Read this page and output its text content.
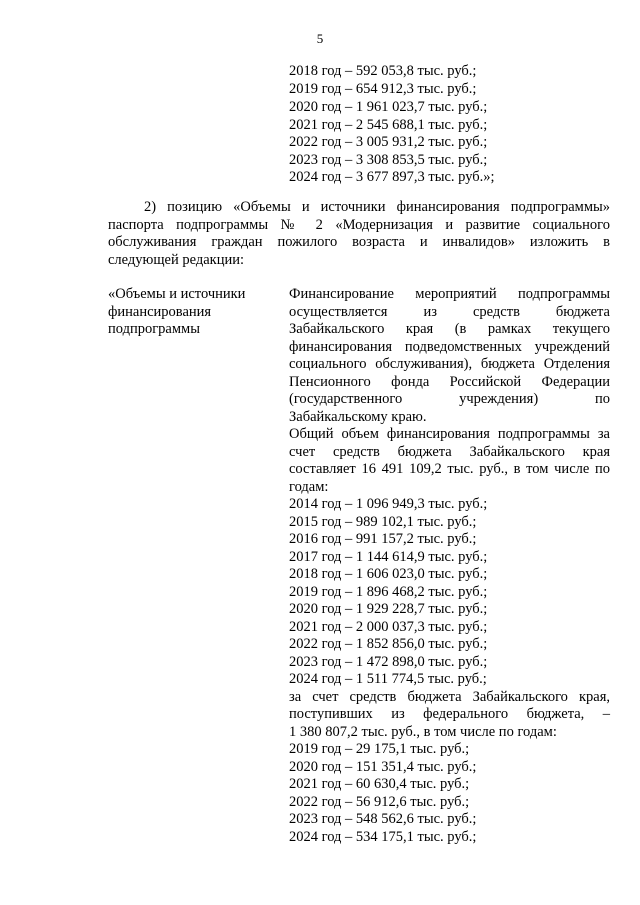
5
2018 год – 592 053,8 тыс. руб.;
2019 год – 654 912,3 тыс. руб.;
2020 год – 1 961 023,7 тыс. руб.;
2021 год – 2 545 688,1 тыс. руб.;
2022 год – 3 005 931,2 тыс. руб.;
2023 год – 3 308 853,5 тыс. руб.;
2024 год – 3 677 897,3 тыс. руб.»;
2) позицию «Объемы и источники финансирования подпрограммы»
паспорта подпрограммы № 2 «Модернизация и развитие социального
обслуживания граждан пожилого возраста и инвалидов» изложить в
следующей редакции:
«Объемы и источники
финансирования
подпрограммы
Финансирование мероприятий подпрограммы
осуществляется из средств бюджета
Забайкальского края (в рамках текущего
финансирования подведомственных учреждений
социального обслуживания), бюджета Отделения
Пенсионного фонда Российской Федерации
(государственного учреждения) по
Забайкальскому краю.
Общий объем финансирования подпрограммы за
счет средств бюджета Забайкальского края
составляет 16 491 109,2 тыс. руб., в том числе по
годам:
2014 год – 1 096 949,3 тыс. руб.;
2015 год – 989 102,1 тыс. руб.;
2016 год – 991 157,2 тыс. руб.;
2017 год – 1 144 614,9 тыс. руб.;
2018 год – 1 606 023,0 тыс. руб.;
2019 год – 1 896 468,2 тыс. руб.;
2020 год – 1 929 228,7 тыс. руб.;
2021 год – 2 000 037,3 тыс. руб.;
2022 год – 1 852 856,0 тыс. руб.;
2023 год – 1 472 898,0 тыс. руб.;
2024 год – 1 511 774,5 тыс. руб.;
за счет средств бюджета Забайкальского края,
поступивших из федерального бюджета, –
1 380 807,2 тыс. руб., в том числе по годам:
2019 год – 29 175,1 тыс. руб.;
2020 год – 151 351,4 тыс. руб.;
2021 год – 60 630,4 тыс. руб.;
2022 год – 56 912,6 тыс. руб.;
2023 год – 548 562,6 тыс. руб.;
2024 год – 534 175,1 тыс. руб.;
